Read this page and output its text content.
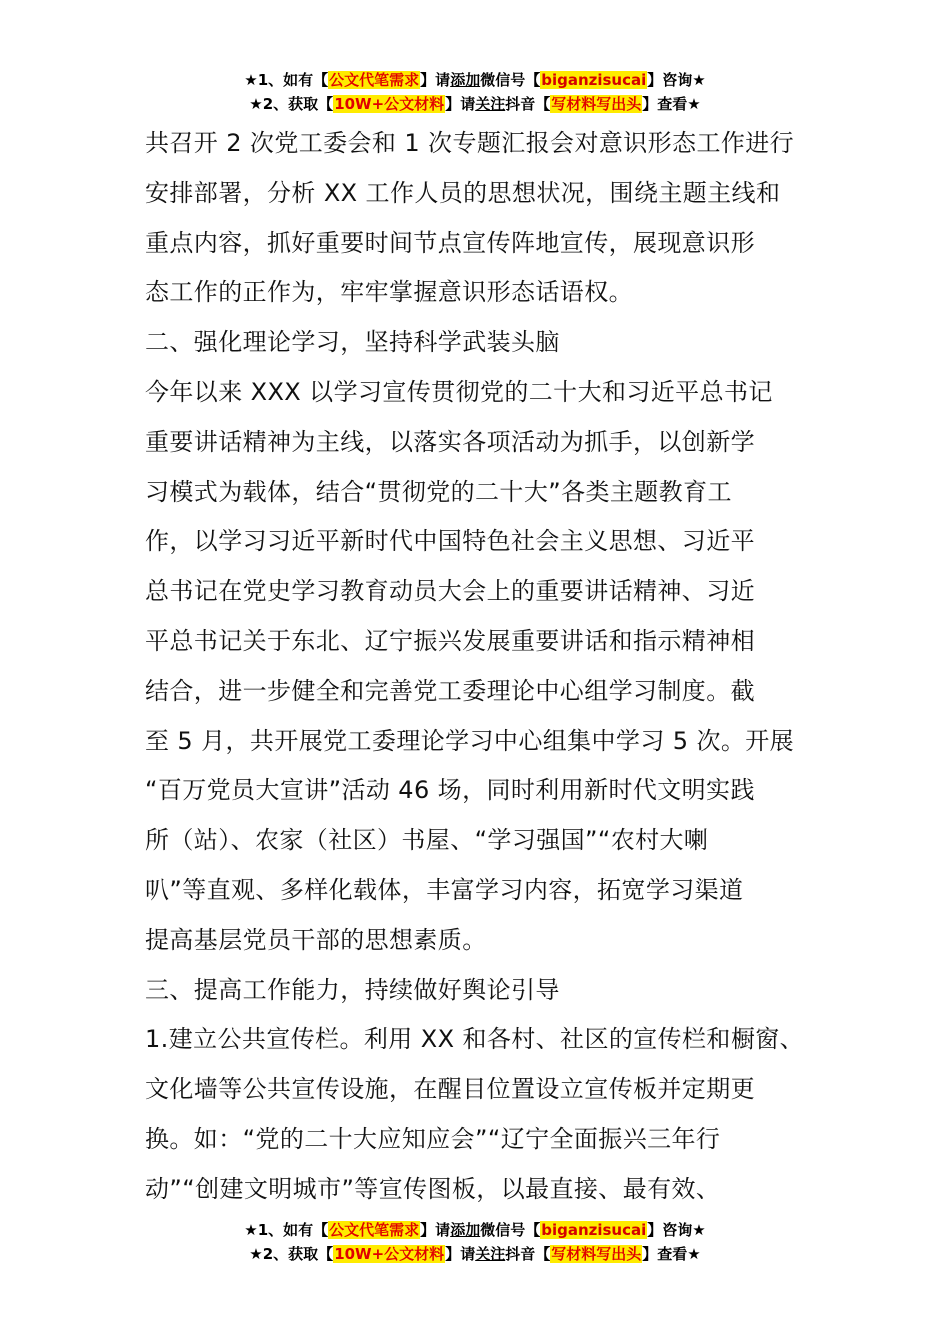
★1、如有【公文代笔需求】请添加微信号【biganzisucai】咨询★
★2、获取【10W+公文材料】请关注抖音【写材料写出头】查看★

共召开 2 次党工委会和 1 次专题汇报会对意识形态工作进行

安排部署，分析 XX 工作人员的思想状况，围绕主题主线和

重点内容，抓好重要时间节点宣传阵地宣传，展现意识形

态工作的正作为，牢牢掌握意识形态话语权。

二、强化理论学习，坚持科学武装头脑

今年以来 XXX 以学习宣传贯彻党的二十大和习近平总书记

重要讲话精神为主线，以落实各项活动为抓手，以创新学

习模式为载体，结合“贯彻党的二十大”各类主题教育工

作，以学习习近平新时代中国特色社会主义思想、习近平

总书记在党史学习教育动员大会上的重要讲话精神、习近

平总书记关于东北、辽宁振兴发展重要讲话和指示精神相

结合，进一步健全和完善党工委理论中心组学习制度。截

至 5 月，共开展党工委理论学习中心组集中学习 5 次。开展

“百万党员大宣讲”活动 46 场，同时利用新时代文明实践

所（站）、农家（社区）书屋、“学习强国”“农村大喇

叭”等直观、多样化载体，丰富学习内容，拓宽学习渠道

提高基层党员干部的思想素质。

三、提高工作能力，持续做好舆论引导

1.建立公共宣传栏。利用 XX 和各村、社区的宣传栏和橱窗、

文化墙等公共宣传设施，在醒目位置设立宣传板并定期更

换。如：“党的二十大应知应会”“辽宁全面振兴三年行

动”“创建文明城市”等宣传图板，以最直接、最有效、

★1、如有【公文代笔需求】请添加微信号【biganzisucai】咨询★
★2、获取【10W+公文材料】请关注抖音【写材料写出头】查看★
